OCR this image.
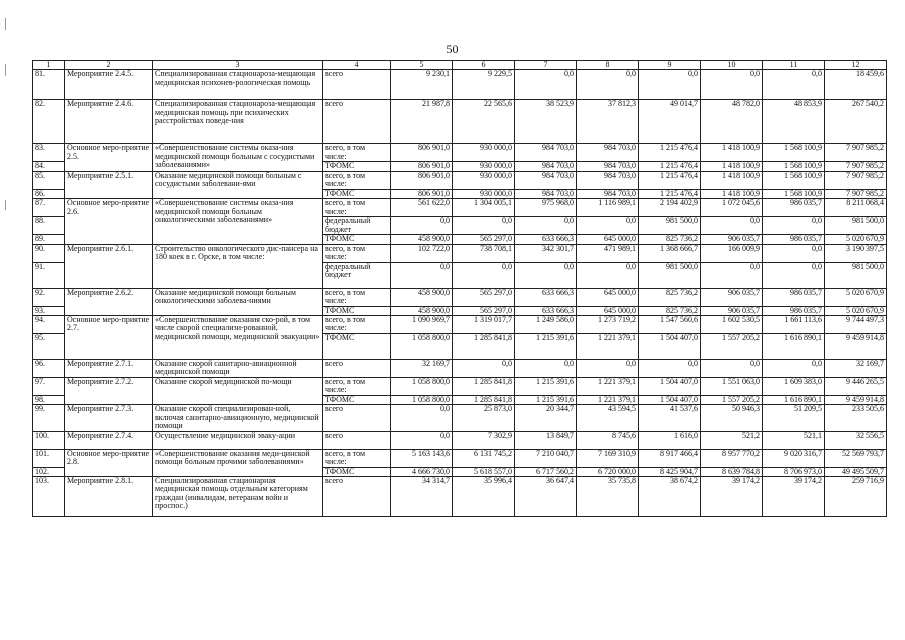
50
1	2	3	4	5	6	7	8	9	10	11	12
81.	Мероприятие 2.4.5.	Специализированная стационароза-мещающая медицинская психонев-рологическая помощь	всего	9 230,1	9 229,5	0,0	0,0	0,0	0,0	0,0	18 459,6
82.	Мероприятие 2.4.6.	Специализированная стационароза-мещающая медицинская помощь при психических расстройствах поведе-ния	всего	21 987,8	22 565,6	38 523,9	37 812,3	49 014,7	48 782,0	48 853,9	267 540,2
83.	Основное меро-приятие 2.5.	«Совершенствование системы оказа-ния медицинской помощи больным с сосудистыми заболеваниями»	всего, в том числе:	806 901,0	930 000,0	984 703,0	984 703,0	1 215 476,4	1 418 100,9	1 568 100,9	7 907 985,2
84.			ТФОМС	806 901,0	930 000,0	984 703,0	984 703,0	1 215 476,4	1 418 100,9	1 568 100,9	7 907 985,2
85.	Мероприятие 2.5.1.	Оказание медицинской помощи больным с сосудистыми заболевани-ями	всего, в том числе:	806 901,0	930 000,0	984 703,0	984 703,0	1 215 476,4	1 418 100,9	1 568 100,9	7 907 985,2
86.			ТФОМС	806 901,0	930 000,0	984 703,0	984 703,0	1 215 476,4	1 418 100,9	1 568 100,9	7 907 985,2
87.	Основное меро-приятие 2.6.	«Совершенствование системы оказа-ния медицинской помощи больным онкологическими заболеваниями»	всего, в том числе:	561 622,0	1 304 005,1	975 968,0	1 116 989,1	2 194 402,9	1 072 045,6	986 035,7	8 211 068,4
88.			федеральный бюджет	0,0	0,0	0,0	0,0	981 500,0	0,0	0,0	981 500,0
89.			ТФОМС	458 900,0	565 297,0	633 666,3	645 000,0	825 736,2	906 035,7	986 035,7	5 020 670,9
90.	Мероприятие 2.6.1.	Строительство онкологического дис-пансера на 180 коек в г. Орске, в том числе:	всего, в том числе:	102 722,0	738 708,1	342 301,7	471 989,1	1 368 666,7	166 009,9	0,0	3 190 397,5
91.			федеральный бюджет	0,0	0,0	0,0	0,0	981 500,0	0,0	0,0	981 500,0
92.	Мероприятие 2.6.2.	Оказание медицинской помощи больным онкологическими заболева-ниями	всего, в том числе:	458 900,0	565 297,0	633 666,3	645 000,0	825 736,2	906 035,7	986 035,7	5 020 670,9
93.			ТФОМС	458 900,0	565 297,0	633 666,3	645 000,0	825 736,2	906 035,7	986 035,7	5 020 670,9
94.	Основное меро-приятие 2.7.	«Совершенствование оказания ско-рой, в том числе скорой специализи-рованной, медицинской помощи, медицинской эвакуации»	всего, в том числе:	1 090 969,7	1 319 017,7	1 249 586,0	1 273 719,2	1 547 560,6	1 602 530,5	1 661 113,6	9 744 497,3
95.			ТФОМС	1 058 800,0	1 285 841,8	1 215 391,6	1 221 379,1	1 504 407,0	1 557 205,2	1 616 890,1	9 459 914,8
96.	Мероприятие 2.7.1.	Оказание скорой санитарно-авиационной медицинской помощи	всего	32 169,7	0,0	0,0	0,0	0,0	0,0	0,0	32 169,7
97.	Мероприятие 2.7.2.	Оказание скорой медицинской по-мощи	всего, в том числе:	1 058 800,0	1 285 841,8	1 215 391,6	1 221 379,1	1 504 407,0	1 551 063,0	1 609 383,0	9 446 265,5
98.			ТФОМС	1 058 800,0	1 285 841,8	1 215 391,6	1 221 379,1	1 504 407,0	1 557 205,2	1 616 890,1	9 459 914,8
99.	Мероприятие 2.7.3.	Оказание скорой специализирован-ной, включая санитарно-авиационную, медицинской помощи	всего	0,0	25 873,0	20 344,7	43 594,5	41 537,6	50 946,3	51 209,5	233 505,6
100.	Мероприятие 2.7.4.	Осуществление медицинской эваку-ации	всего	0,0	7 302,9	13 849,7	8 745,6	1 616,0	521,2	521,1	32 556,5
101.	Основное меро-приятие 2.8.	«Совершенствование оказания меди-цинской помощи больным прочими заболеваниями»	всего, в том числе:	5 163 143,6	6 131 745,2	7 210 040,7	7 169 310,9	8 917 466,4	8 957 770,2	9 020 316,7	52 569 793,7
102.			ТФОМС	4 666 730,0	5 618 557,0	6 717 560,2	6 720 000,0	8 425 904,7	8 639 784,8	8 706 973,0	49 495 509,7
103.	Мероприятие 2.8.1.	Специализированная стационарная медицинская помощь отдельным категориям граждан (инвалидам, ветеранам войн и проспос.)	всего	34 314,7	35 996,4	36 647,4	35 735,8	38 674,2	39 174,2	39 174,2	259 716,9
